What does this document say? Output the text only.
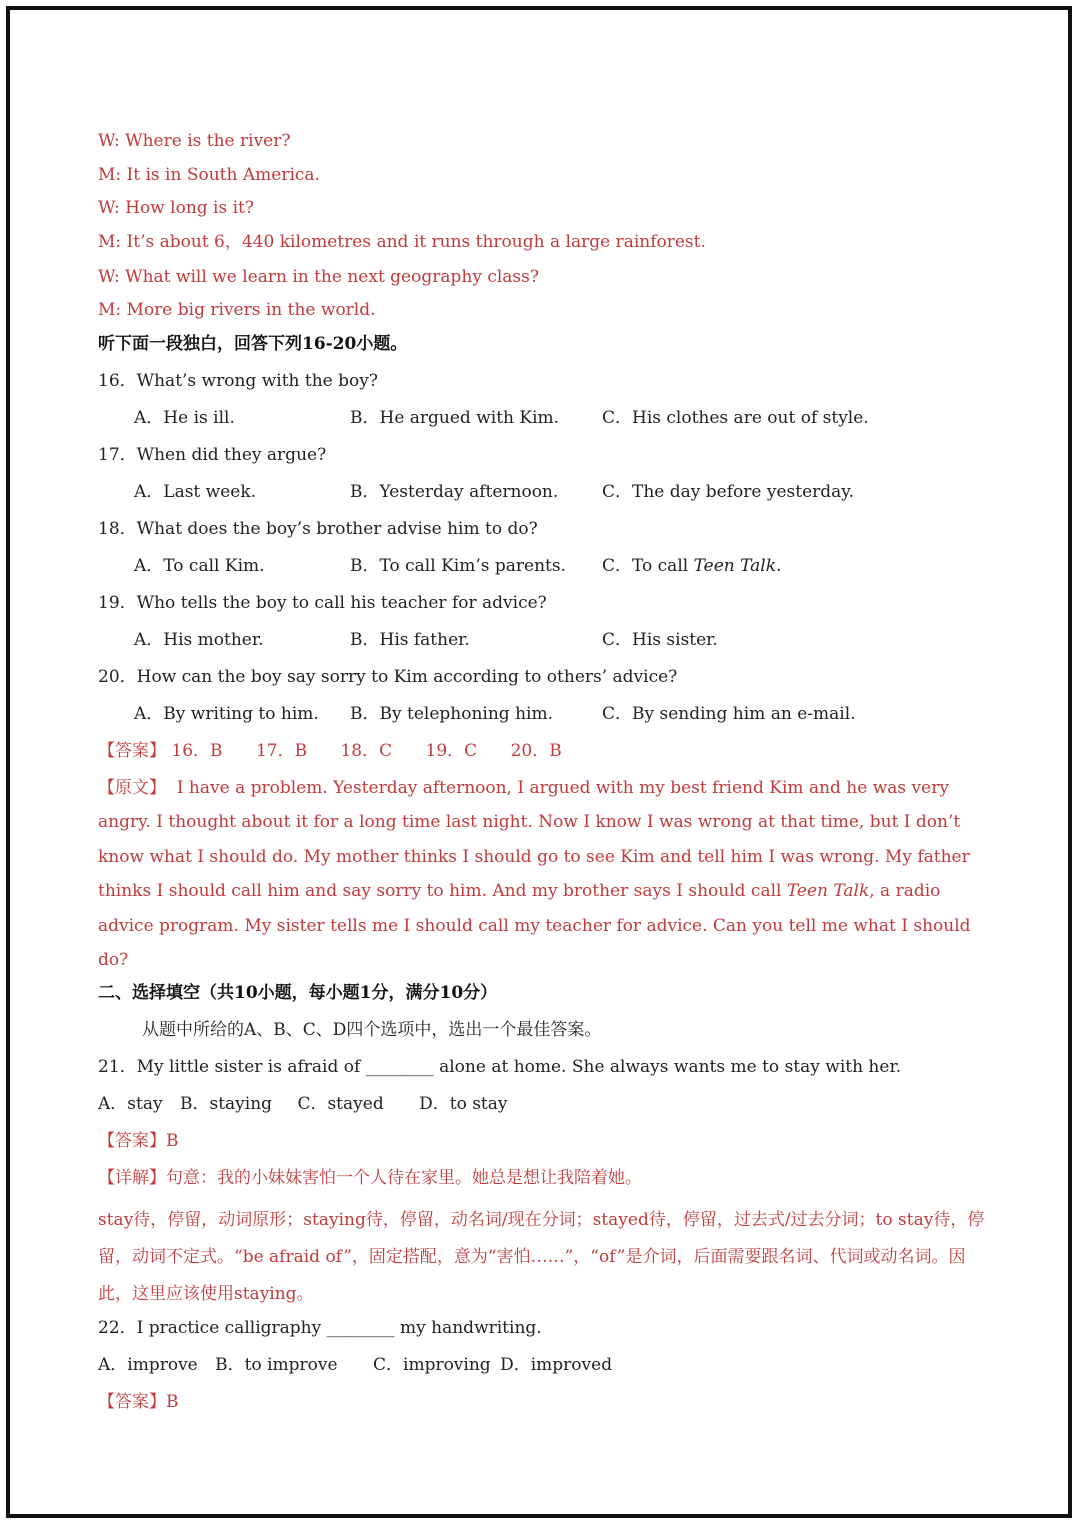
W: Where is the river?
M: It is in South America.
W: How long is it?
M: It’s about 6，440 kilometres and it runs through a large rainforest.
W: What will we learn in the next geography class?
M: More big rivers in the world.
听下面一段独白，回答下列16-20小题。
16．What’s wrong with the boy?
A．He is ill.	B．He argued with Kim.	C．His clothes are out of style.
17．When did they argue?
A．Last week.	B．Yesterday afternoon.	C．The day before yesterday.
18．What does the boy’s brother advise him to do?
A．To call Kim.	B．To call Kim’s parents. C．To call Teen Talk.
19．Who tells the boy to call his teacher for advice?
A．His mother.	B．His father.	C．His sister.
20．How can the boy say sorry to Kim according to others’ advice?
A．By writing to him. B．By telephoning him.	C．By sending him an e-mail.
【答案】 16．B 17．B 18．C 19．C 20．B
【原文】 I have a problem. Yesterday afternoon, I argued with my best friend Kim and he was very angry. I thought about it for a long time last night. Now I know I was wrong at that time, but I don’t know what I should do. My mother thinks I should go to see Kim and tell him I was wrong. My father thinks I should call him and say sorry to him. And my brother says I should call Teen Talk, a radio advice program. My sister tells me I should call my teacher for advice. Can you tell me what I should do?
二、选择填空（共10小题，每小题1分，满分10分）
从题中所给的A、B、C、D四个选项中，选出一个最佳答案。
21．My little sister is afraid of ________ alone at home. She always wants me to stay with her.
A．stay B．staying C．stayed D．to stay
【答案】B
【详解】句意：我的小妹妹害怕一个人待在家里。她总是想让我陪着她。
stay待，停留，动词原形；staying待，停留，动名词/现在分词；stayed待，停留，过去式/过去分词；to stay待，停留，动词不定式。“be afraid of”，固定搭配，意为“害怕……”，“of”是介词，后面需要跟名词、代词或动名词。因此，这里应该使用staying。
22．I practice calligraphy ________ my handwriting.
A．improve B．to improve C．improving D．improved
【答案】B
